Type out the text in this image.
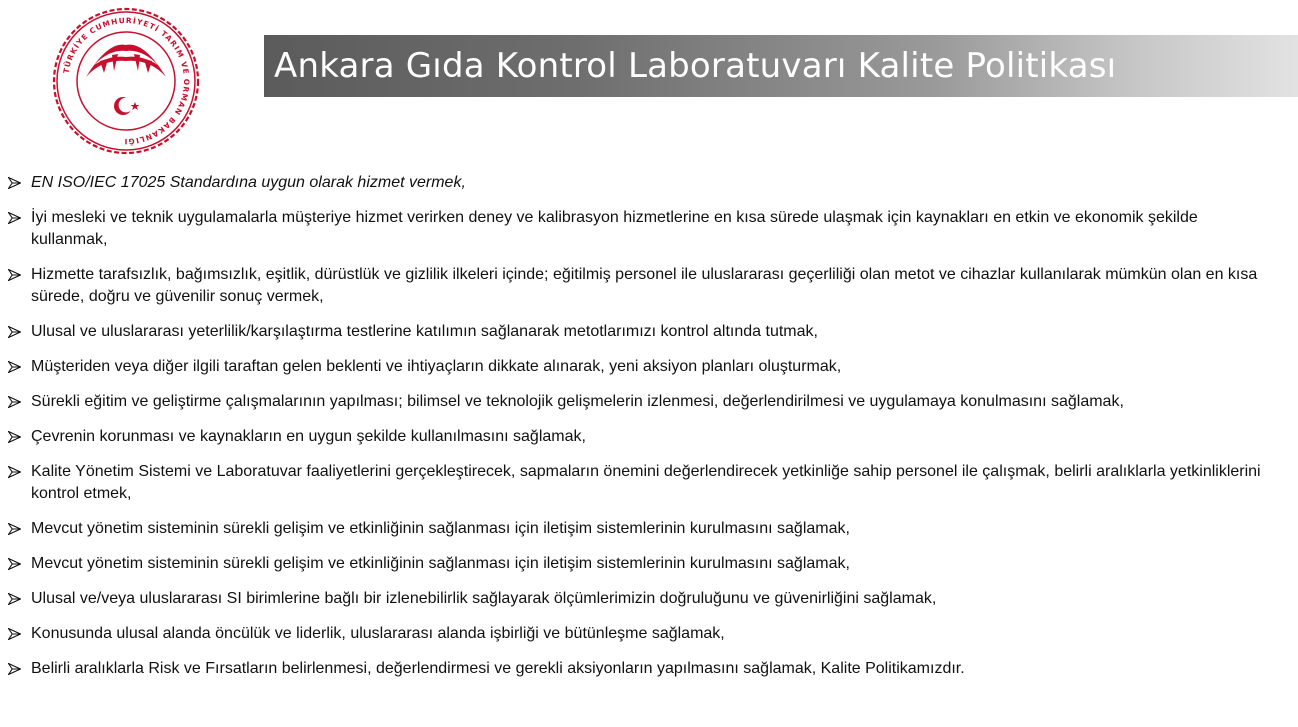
TÜRKİYE CUMHURİYETİ TARIM VE ORMAN BAKANLIĞI
Ankara Gıda Kontrol Laboratuvarı Kalite Politikası
EN ISO/IEC 17025 Standardına uygun olarak hizmet vermek,
İyi mesleki ve teknik uygulamalarla müşteriye hizmet verirken deney ve kalibrasyon hizmetlerine en kısa sürede ulaşmak için kaynakları en etkin ve ekonomik şekilde kullanmak,
Hizmette tarafsızlık, bağımsızlık, eşitlik, dürüstlük ve gizlilik ilkeleri içinde; eğitilmiş personel ile uluslararası geçerliliği olan metot ve cihazlar kullanılarak mümkün olan en kısa sürede, doğru ve güvenilir sonuç vermek,
Ulusal ve uluslararası yeterlilik/karşılaştırma testlerine katılımın sağlanarak metotlarımızı kontrol altında tutmak,
Müşteriden veya diğer ilgili taraftan gelen beklenti ve ihtiyaçların dikkate alınarak, yeni aksiyon planları oluşturmak,
Sürekli eğitim ve geliştirme çalışmalarının yapılması; bilimsel ve teknolojik gelişmelerin izlenmesi, değerlendirilmesi ve uygulamaya konulmasını sağlamak,
Çevrenin korunması ve kaynakların en uygun şekilde kullanılmasını sağlamak,
Kalite Yönetim Sistemi ve Laboratuvar faaliyetlerini gerçekleştirecek, sapmaların önemini değerlendirecek yetkinliğe sahip personel ile çalışmak, belirli aralıklarla yetkinliklerini kontrol etmek,
Mevcut yönetim sisteminin sürekli gelişim ve etkinliğinin sağlanması için iletişim sistemlerinin kurulmasını sağlamak,
Mevcut yönetim sisteminin sürekli gelişim ve etkinliğinin sağlanması için iletişim sistemlerinin kurulmasını sağlamak,
Ulusal ve/veya uluslararası SI birimlerine bağlı bir izlenebilirlik sağlayarak ölçümlerimizin doğruluğunu ve güvenirliğini sağlamak,
Konusunda ulusal alanda öncülük ve liderlik, uluslararası alanda işbirliği ve bütünleşme sağlamak,
Belirli aralıklarla Risk ve Fırsatların belirlenmesi, değerlendirmesi ve gerekli aksiyonların yapılmasını sağlamak, Kalite Politikamızdır.
